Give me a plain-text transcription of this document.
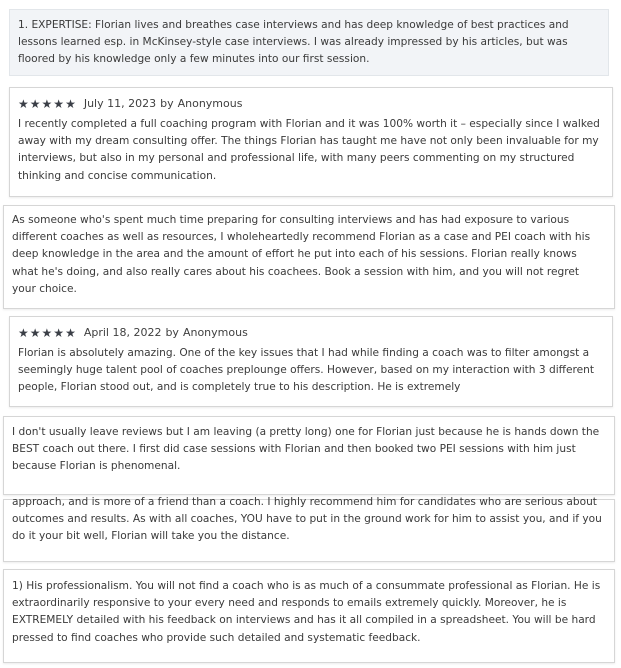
1. EXPERTISE: Florian lives and breathes case interviews and has deep knowledge of best practices and lessons learned esp. in McKinsey-style case interviews. I was already impressed by his articles, but was floored by his knowledge only a few minutes into our first session.

★ ★ ★ ★ ★ July 11, 2023 by Anonymous

I recently completed a full coaching program with Florian and it was 100% worth it – especially since I walked away with my dream consulting offer. The things Florian has taught me have not only been invaluable for my interviews, but also in my personal and professional life, with many peers commenting on my structured thinking and concise communication.

As someone who's spent much time preparing for consulting interviews and has had exposure to various different coaches as well as resources, I wholeheartedly recommend Florian as a case and PEI coach with his deep knowledge in the area and the amount of effort he put into each of his sessions. Florian really knows what he's doing, and also really cares about his coachees. Book a session with him, and you will not regret your choice.

★ ★ ★ ★ ★ April 18, 2022 by Anonymous

Florian is absolutely amazing. One of the key issues that I had while finding a coach was to filter amongst a seemingly huge talent pool of coaches preplounge offers. However, based on my interaction with 3 different people, Florian stood out, and is completely true to his description. He is extremely

I don't usually leave reviews but I am leaving (a pretty long) one for Florian just because he is hands down the BEST coach out there. I first did case sessions with Florian and then booked two PEI sessions with him just because Florian is phenomenal.

approach, and is more of a friend than a coach. I highly recommend him for candidates who are serious about outcomes and results. As with all coaches, YOU have to put in the ground work for him to assist you, and if you do it your bit well, Florian will take you the distance.

1) His professionalism. You will not find a coach who is as much of a consummate professional as Florian. He is extraordinarily responsive to your every need and responds to emails extremely quickly. Moreover, he is EXTREMELY detailed with his feedback on interviews and has it all compiled in a spreadsheet. You will be hard pressed to find coaches who provide such detailed and systematic feedback.
